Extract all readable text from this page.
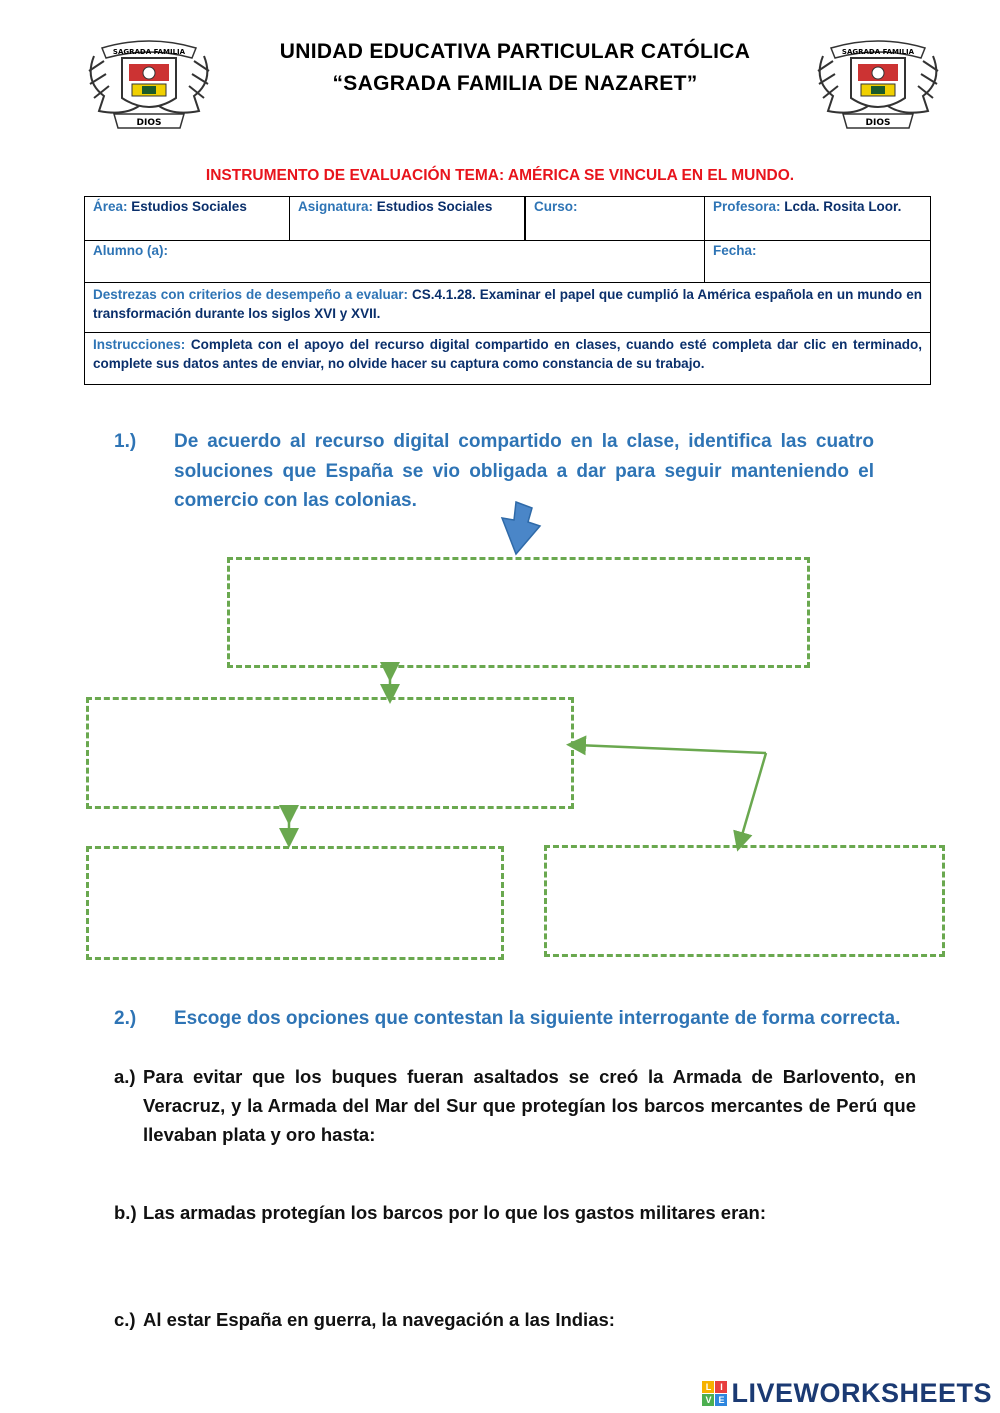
SAGRADA FAMILIA
DIOS
SAGRADA FAMILIA
DIOS
UNIDAD EDUCATIVA PARTICULAR CATÓLICA
“SAGRADA FAMILIA DE NAZARET”
INSTRUMENTO DE EVALUACIÓN TEMA: AMÉRICA SE VINCULA EN EL MUNDO.
Área: Estudios Sociales	Asignatura: Estudios Sociales	Curso:	Profesora: Lcda. Rosita Loor.
Alumno (a):			Fecha:
Destrezas con criterios de desempeño a evaluar: CS.4.1.28. Examinar el papel que cumplió la América española en un mundo en transformación durante los siglos XVI y XVII.			
Instrucciones: Completa con el apoyo del recurso digital compartido en clases, cuando esté completa dar clic en terminado, complete sus datos antes de enviar, no olvide hacer su captura como constancia de su trabajo.			
1.) De acuerdo al recurso digital compartido en la clase, identifica las cuatro soluciones que España se vio obligada a dar para seguir manteniendo el comercio con las colonias.
2.) Escoge dos opciones que contestan la siguiente interrogante de forma correcta.
a.) Para evitar que los buques fueran asaltados se creó la Armada de Barlovento, en Veracruz, y la Armada del Mar del Sur que protegían los barcos mercantes de Perú que llevaban plata y oro hasta:
b.) Las armadas protegían los barcos por lo que los gastos militares eran:
c.) Al estar España en guerra, la navegación a las Indias:
L I
V E LIVEWORKSHEETS
